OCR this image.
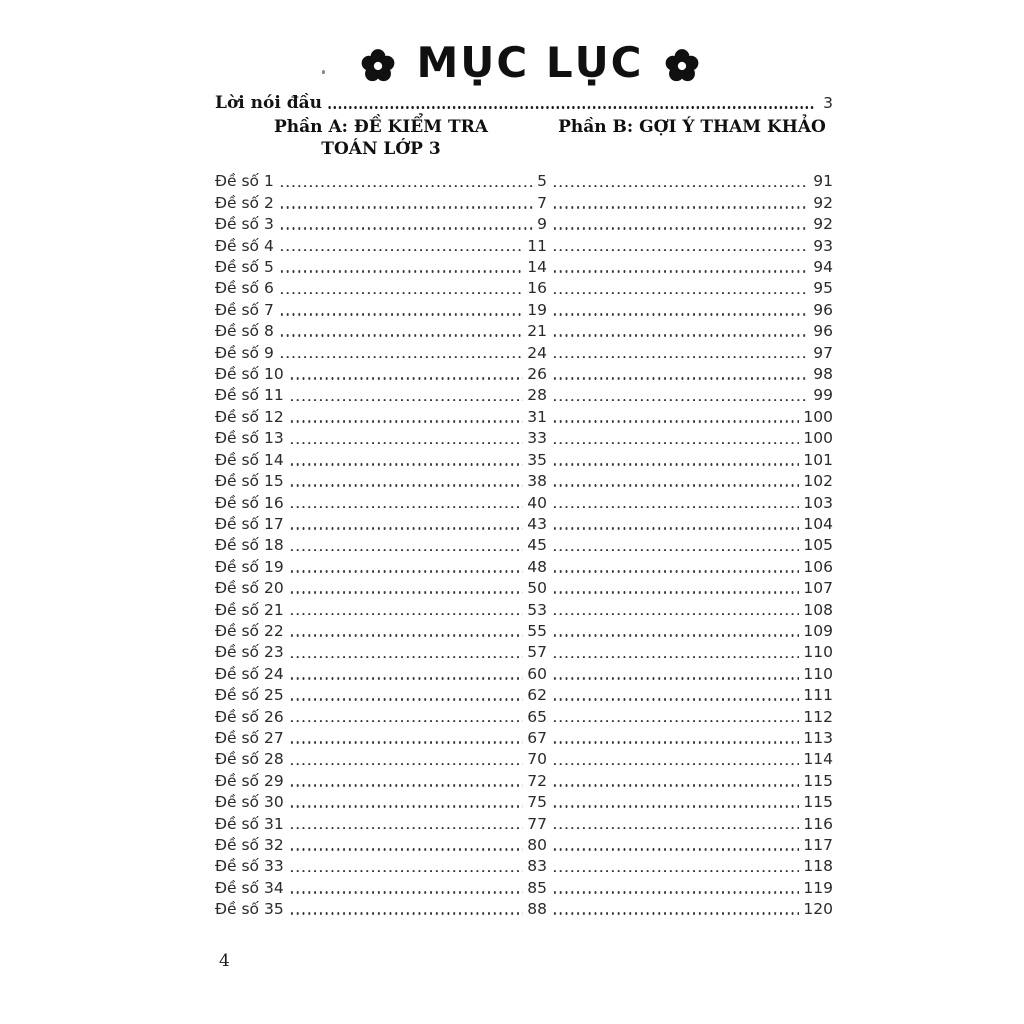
MỤC LỤC
Lời nói đầu	3
Phần A: ĐỀ KIỂM TRA
TOÁN LỚP 3
Phần B: GỢI Ý THAM KHẢO
Đề số 1	5	91
Đề số 2	7	92
Đề số 3	9	92
Đề số 4	11	93
Đề số 5	14	94
Đề số 6	16	95
Đề số 7	19	96
Đề số 8	21	96
Đề số 9	24	97
Đề số 10	26	98
Đề số 11	28	99
Đề số 12	31	100
Đề số 13	33	100
Đề số 14	35	101
Đề số 15	38	102
Đề số 16	40	103
Đề số 17	43	104
Đề số 18	45	105
Đề số 19	48	106
Đề số 20	50	107
Đề số 21	53	108
Đề số 22	55	109
Đề số 23	57	110
Đề số 24	60	110
Đề số 25	62	111
Đề số 26	65	112
Đề số 27	67	113
Đề số 28	70	114
Đề số 29	72	115
Đề số 30	75	115
Đề số 31	77	116
Đề số 32	80	117
Đề số 33	83	118
Đề số 34	85	119
Đề số 35	88	120
4
